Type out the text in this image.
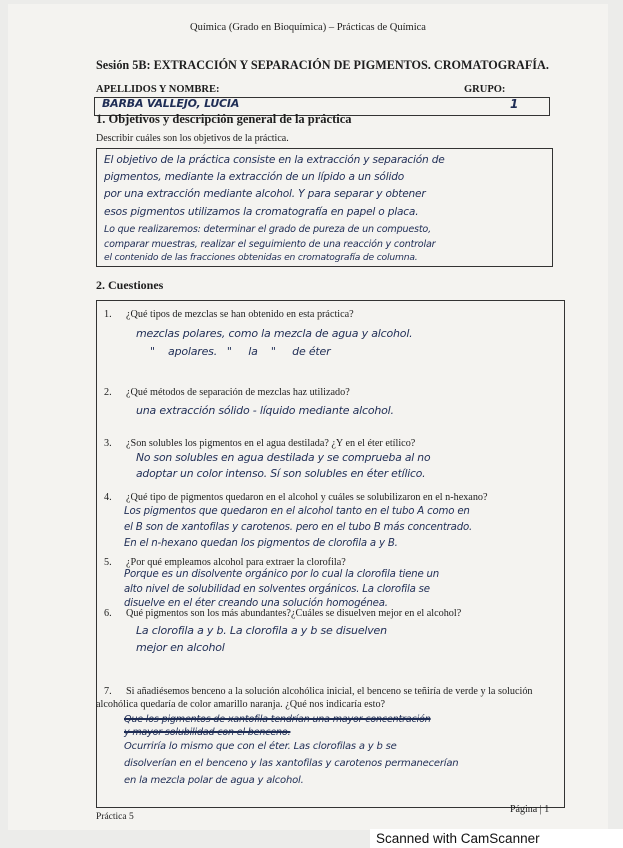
Química (Grado en Bioquímica) – Prácticas de Química
Sesión 5B: EXTRACCIÓN Y SEPARACIÓN DE PIGMENTOS. CROMATOGRAFÍA.
APELLIDOS Y NOMBRE:	GRUPO:
BARBA VALLEJO, LUCIA	1
1. Objetivos y descripción general de la práctica
Describir cuáles son los objetivos de la práctica.
El objetivo de la práctica consiste en la extracción y separación de
pigmentos, mediante la extracción de un lípido a un sólido
por una extracción mediante alcohol. Y para separar y obtener
esos pigmentos utilizamos la cromatografía en papel o placa.
Lo que realizaremos: determinar el grado de pureza de un compuesto,
comparar muestras, realizar el seguimiento de una reacción y controlar
el contenido de las fracciones obtenidas en cromatografía de columna.
2. Cuestiones
1. ¿Qué tipos de mezclas se han obtenido en esta práctica?
mezclas polares, como la mezcla de agua y alcohol.
"    apolares.   "     la    "     de éter
2. ¿Qué métodos de separación de mezclas haz utilizado?
una extracción sólido - líquido mediante alcohol.
3. ¿Son solubles los pigmentos en el agua destilada? ¿Y en el éter etílico?
No son solubles en agua destilada y se comprueba al no
adoptar un color intenso. Sí son solubles en éter etílico.
4. ¿Qué tipo de pigmentos quedaron en el alcohol y cuáles se solubilizaron en el n-hexano?
Los pigmentos que quedaron en el alcohol tanto en el tubo A como en
el B son de xantofilas y carotenos. pero en el tubo B más concentrado.
En el n-hexano quedan los pigmentos de clorofila a y B.
5. ¿Por qué empleamos alcohol para extraer la clorofila?
Porque es un disolvente orgánico por lo cual la clorofila tiene un
alto nivel de solubilidad en solventes orgánicos. La clorofila se
disuelve en el éter creando una solución homogénea.
6. Qué pigmentos son los más abundantes?¿Cuáles se disuelven mejor en el alcohol?
La clorofila a y b. La clorofila a y b se disuelven
mejor en alcohol
7. Si añadiésemos benceno a la solución alcohólica inicial, el benceno se teñiría de verde y la solución
alcohólica quedaría de color amarillo naranja. ¿Qué nos indicaría esto?
Que los pigmentos de xantofila tendrían una mayor concentración
y mayor solubilidad con el benceno.
Ocurriría lo mismo que con el éter. Las clorofilas a y b se
disolverían en el benceno y las xantofilas y carotenos permanecerían
en la mezcla polar de agua y alcohol.
Práctica 5
Página | 1
Scanned with CamScanner
